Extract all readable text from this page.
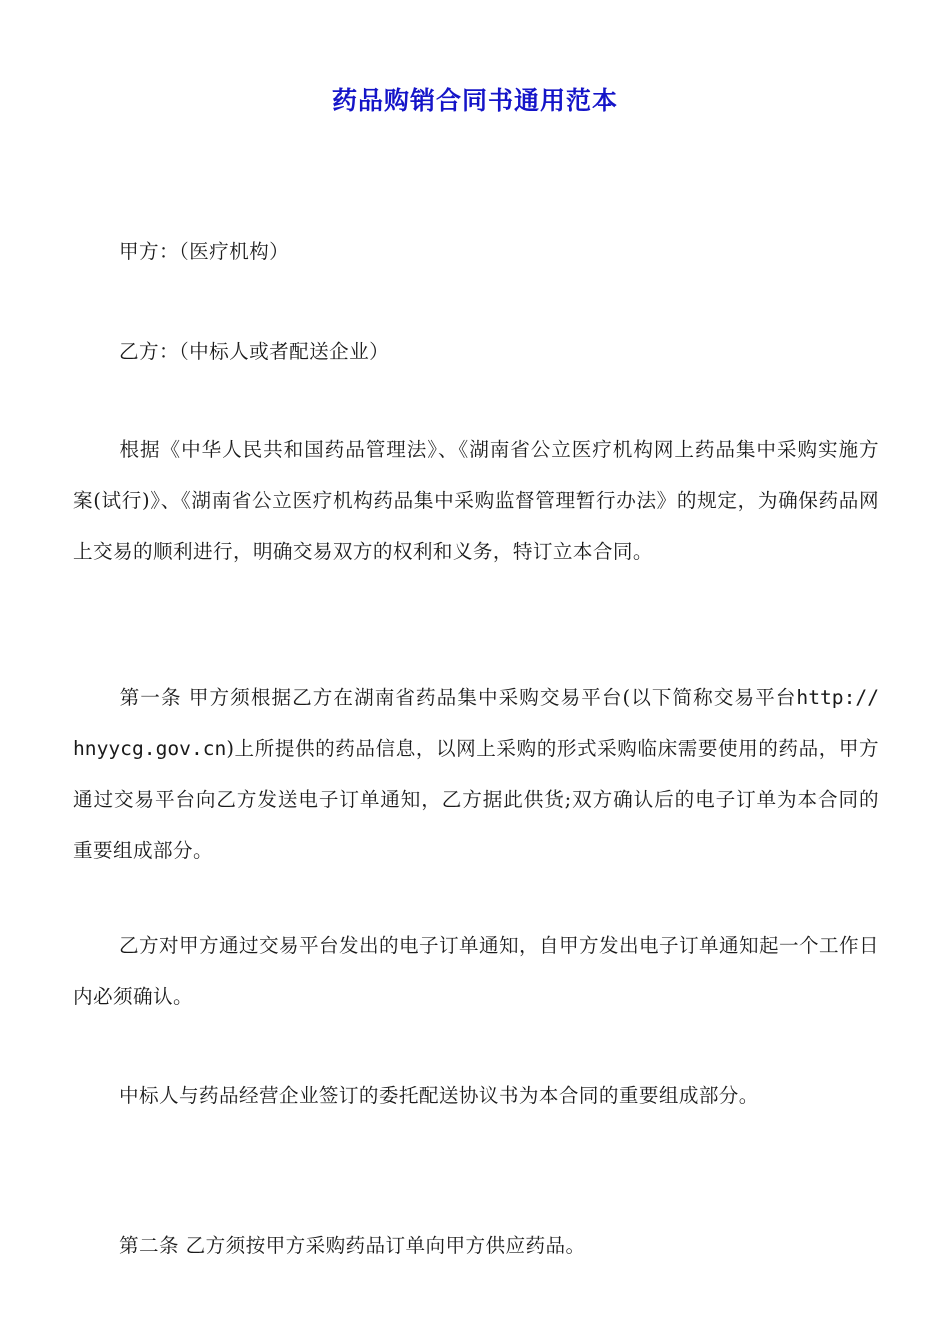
药品购销合同书通用范本
甲方：（医疗机构）
乙方：（中标人或者配送企业）
根据《中华人民共和国药品管理法》、《湖南省公立医疗机构网上药品集中采购实施方案(试行)》、《湖南省公立医疗机构药品集中采购监督管理暂行办法》的规定，为确保药品网上交易的顺利进行，明确交易双方的权利和义务，特订立本合同。
第一条 甲方须根据乙方在湖南省药品集中采购交易平台(以下简称交易平台http:// hnyycg.gov.cn)上所提供的药品信息，以网上采购的形式采购临床需要使用的药品，甲方通过交易平台向乙方发送电子订单通知，乙方据此供货;双方确认后的电子订单为本合同的重要组成部分。
乙方对甲方通过交易平台发出的电子订单通知，自甲方发出电子订单通知起一个工作日内必须确认。
中标人与药品经营企业签订的委托配送协议书为本合同的重要组成部分。
第二条 乙方须按甲方采购药品订单向甲方供应药品。
